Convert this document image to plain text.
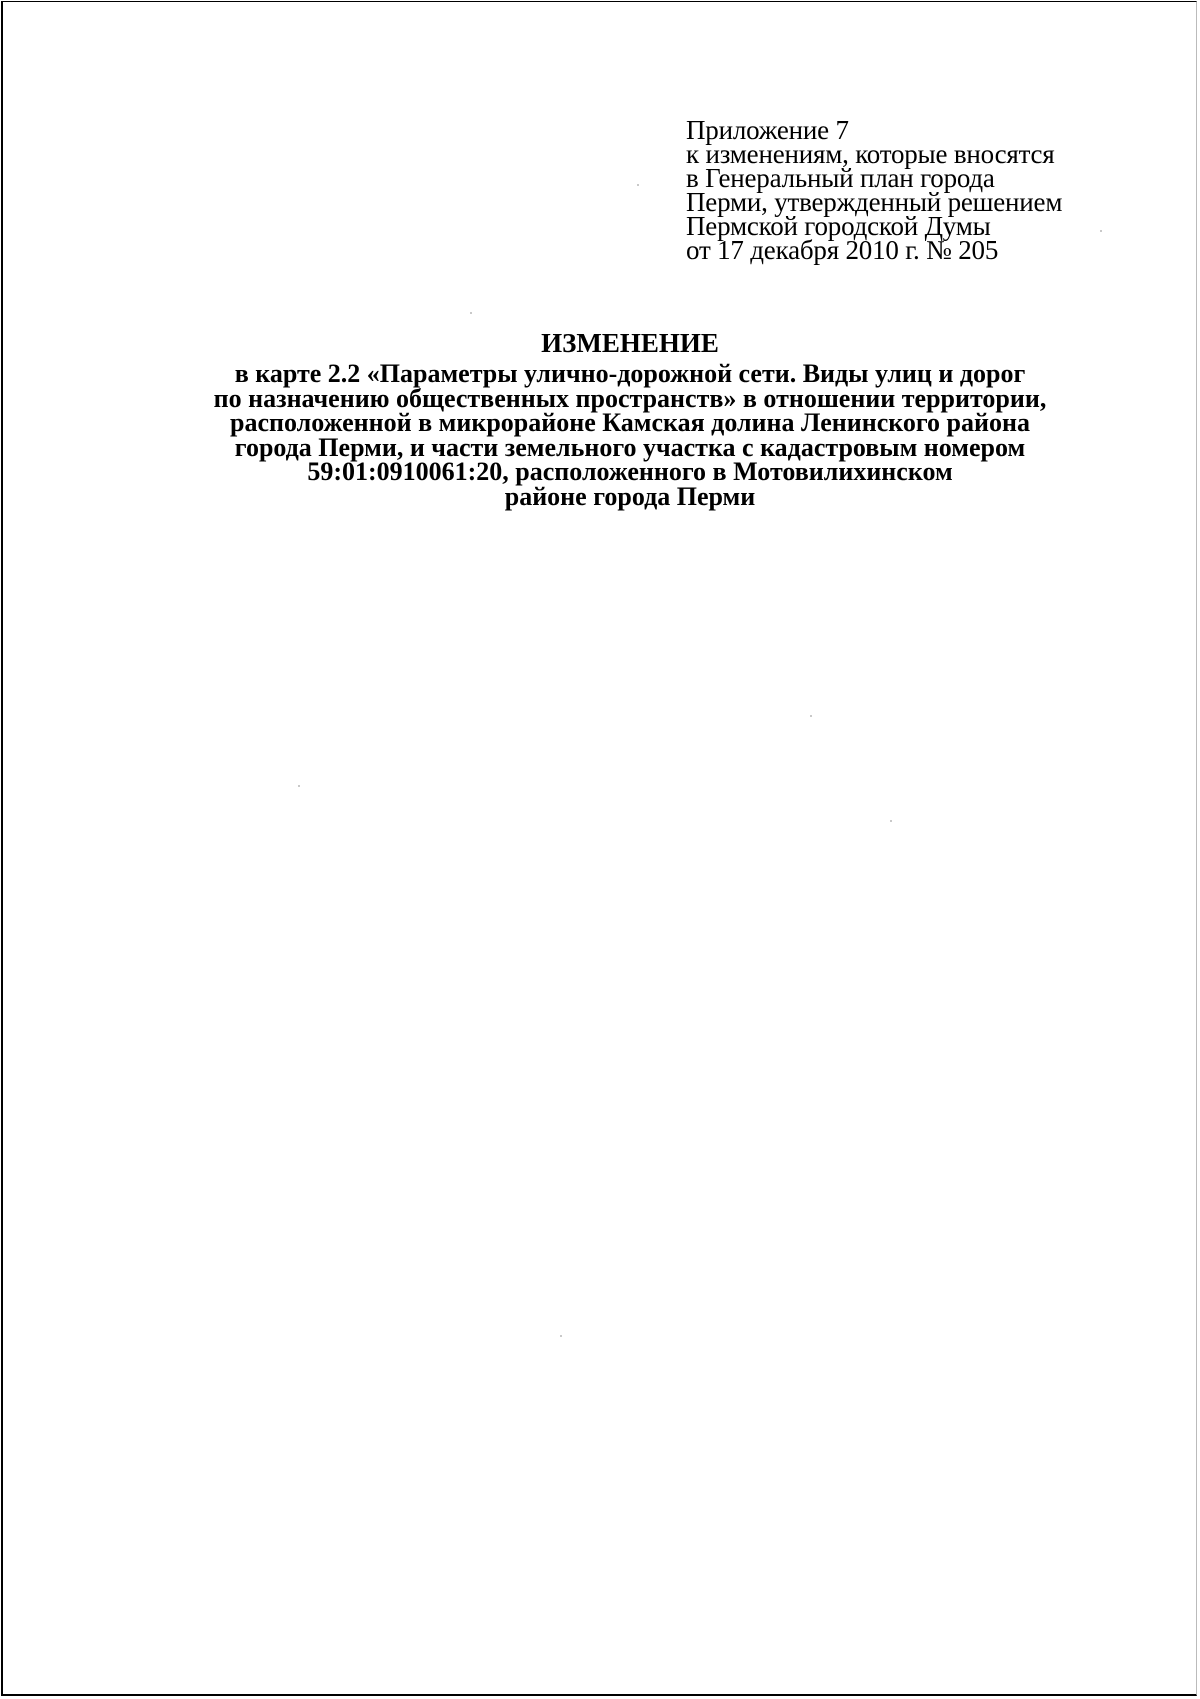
Приложение 7
к изменениям, которые вносятся
в Генеральный план города
Перми, утвержденный решением
Пермской городской Думы
от 17 декабря 2010 г. № 205
ИЗМЕНЕНИЕ
в карте 2.2 «Параметры улично-дорожной сети. Виды улиц и дорог
по назначению общественных пространств» в отношении территории,
расположенной в микрорайоне Камская долина Ленинского района
города Перми, и части земельного участка с кадастровым номером
59:01:0910061:20, расположенного в Мотовилихинском
районе города Перми
